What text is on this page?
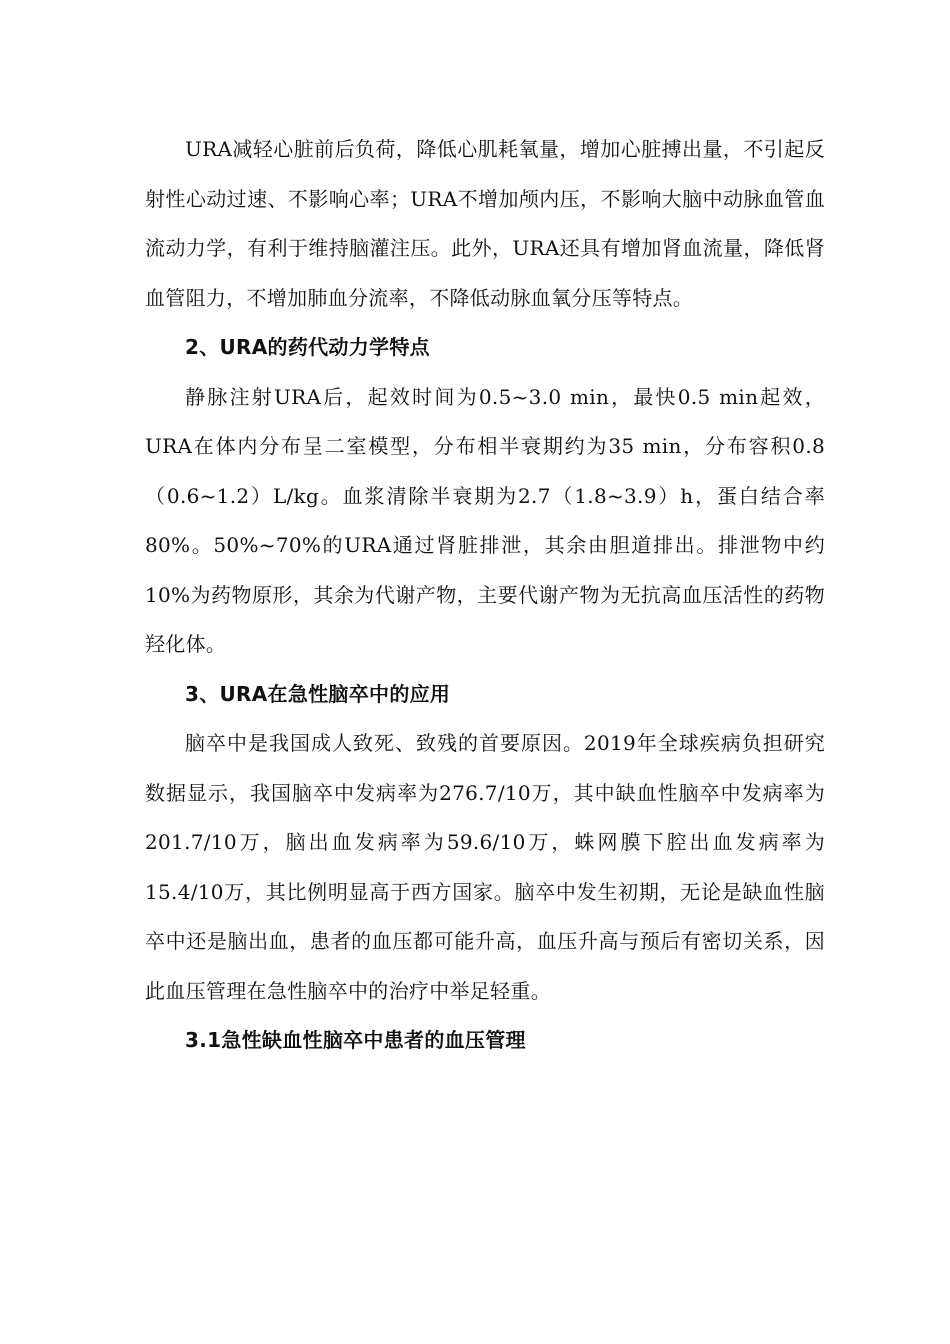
URA减轻心脏前后负荷，降低心肌耗氧量，增加心脏搏出量，不引起反射性心动过速、不影响心率；URA不增加颅内压，不影响大脑中动脉血管血流动力学，有利于维持脑灌注压。此外，URA还具有增加肾血流量，降低肾血管阻力，不增加肺血分流率，不降低动脉血氧分压等特点。

2、URA的药代动力学特点

静脉注射URA后，起效时间为0.5~3.0 min，最快0.5 min起效，URA在体内分布呈二室模型，分布相半衰期约为35 min，分布容积0.8（0.6~1.2）L/kg。血浆清除半衰期为2.7（1.8~3.9）h，蛋白结合率80%。50%~70%的URA通过肾脏排泄，其余由胆道排出。排泄物中约10%为药物原形，其余为代谢产物，主要代谢产物为无抗高血压活性的药物羟化体。

3、URA在急性脑卒中的应用

脑卒中是我国成人致死、致残的首要原因。2019年全球疾病负担研究数据显示，我国脑卒中发病率为276.7/10万，其中缺血性脑卒中发病率为201.7/10万，脑出血发病率为59.6/10万，蛛网膜下腔出血发病率为15.4/10万，其比例明显高于西方国家。脑卒中发生初期，无论是缺血性脑卒中还是脑出血，患者的血压都可能升高，血压升高与预后有密切关系，因此血压管理在急性脑卒中的治疗中举足轻重。

3.1急性缺血性脑卒中患者的血压管理
